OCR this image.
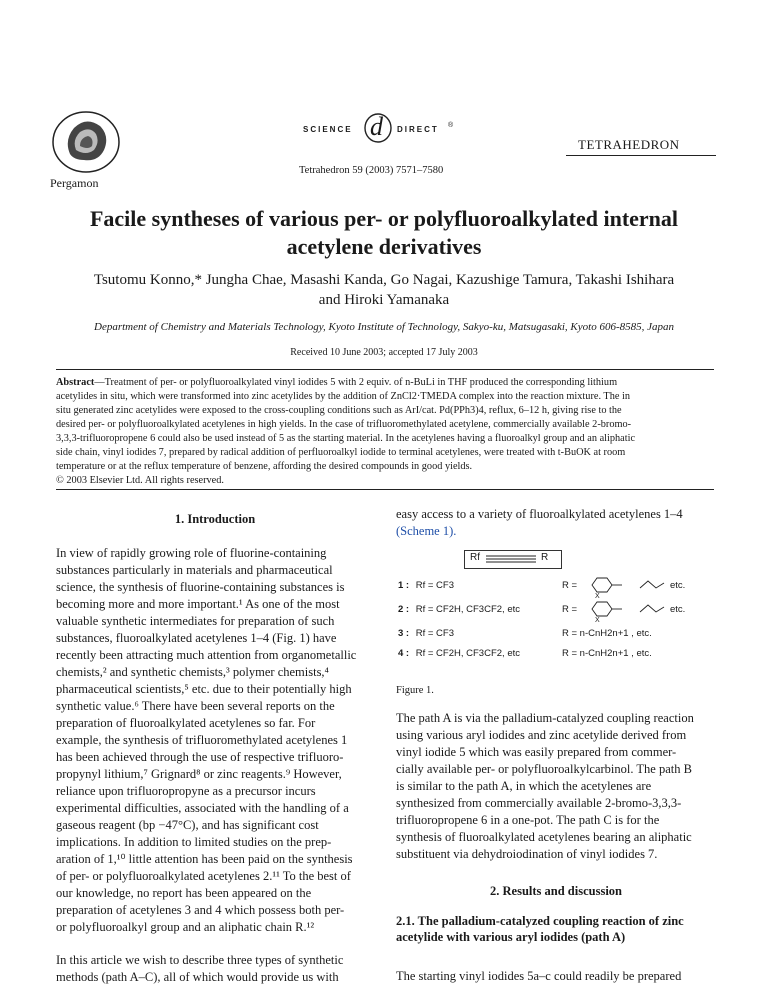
Pergamon
SCIENCE d DIRECT ®
TETRAHEDRON
Tetrahedron 59 (2003) 7571–7580
Facile syntheses of various per- or polyfluoroalkylated internal
acetylene derivatives
Tsutomu Konno,* Jungha Chae, Masashi Kanda, Go Nagai, Kazushige Tamura, Takashi Ishihara
and Hiroki Yamanaka
Department of Chemistry and Materials Technology, Kyoto Institute of Technology, Sakyo-ku, Matsugasaki, Kyoto 606-8585, Japan
Received 10 June 2003; accepted 17 July 2003
Abstract—Treatment of per- or polyfluoroalkylated vinyl iodides 5 with 2 equiv. of n-BuLi in THF produced the corresponding lithium
acetylides in situ, which were transformed into zinc acetylides by the addition of ZnCl2·TMEDA complex into the reaction mixture. The in
situ generated zinc acetylides were exposed to the cross-coupling conditions such as ArI/cat. Pd(PPh3)4, reflux, 6–12 h, giving rise to the
desired per- or polyfluoroalkylated acetylenes in high yields. In the case of trifluoromethylated acetylene, commercially available 2-bromo-
3,3,3-trifluoropropene 6 could also be used instead of 5 as the starting material. In the acetylenes having a fluoroalkyl group and an aliphatic
side chain, vinyl iodides 7, prepared by radical addition of perfluoroalkyl iodide to terminal acetylenes, were treated with t-BuOK at room
temperature or at the reflux temperature of benzene, affording the desired compounds in good yields.
© 2003 Elsevier Ltd. All rights reserved.
1. Introduction
In view of rapidly growing role of fluorine-containing
substances particularly in materials and pharmaceutical
science, the synthesis of fluorine-containing substances is
becoming more and more important.¹ As one of the most
valuable synthetic intermediates for preparation of such
substances, fluoroalkylated acetylenes 1–4 (Fig. 1) have
recently been attracting much attention from organometallic
chemists,² and synthetic chemists,³ polymer chemists,⁴
pharmaceutical scientists,⁵ etc. due to their potentially high
synthetic value.⁶ There have been several reports on the
preparation of fluoroalkylated acetylenes so far. For
example, the synthesis of trifluoromethylated acetylenes 1
has been achieved through the use of respective trifluoro-
propynyl lithium,⁷ Grignard⁸ or zinc reagents.⁹ However,
reliance upon trifluoropropyne as a precursor incurs
experimental difficulties, associated with the handling of a
gaseous reagent (bp −47°C), and has significant cost
implications. In addition to limited studies on the prep-
aration of 1,¹⁰ little attention has been paid on the synthesis
of per- or polyfluoroalkylated acetylenes 2.¹¹ To the best of
our knowledge, no report has been appeared on the
preparation of acetylenes 3 and 4 which possess both per-
or polyfluoroalkyl group and an aliphatic chain R.¹²
In this article we wish to describe three types of synthetic
methods (path A–C), all of which would provide us with
easy access to a variety of fluoroalkylated acetylenes 1–4
(Scheme 1).
Rf	R
1 : Rf = CF3	R =	etc.
X
2 : Rf = CF2H, CF3CF2, etc	R =	etc.
X
3 : Rf = CF3	R = n-CnH2n+1 , etc.
4 : Rf = CF2H, CF3CF2, etc	R = n-CnH2n+1 , etc.
Figure 1.
The path A is via the palladium-catalyzed coupling reaction
using various aryl iodides and zinc acetylide derived from
vinyl iodide 5 which was easily prepared from commer-
cially available per- or polyfluoroalkylcarbinol. The path B
is similar to the path A, in which the acetylenes are
synthesized from commercially available 2-bromo-3,3,3-
trifluoropropene 6 in a one-pot. The path C is for the
synthesis of fluoroalkylated acetylenes bearing an aliphatic
substituent via dehydroiodination of vinyl iodides 7.
2. Results and discussion
2.1. The palladium-catalyzed coupling reaction of zinc
acetylide with various aryl iodides (path A)
The starting vinyl iodides 5a–c could readily be prepared
